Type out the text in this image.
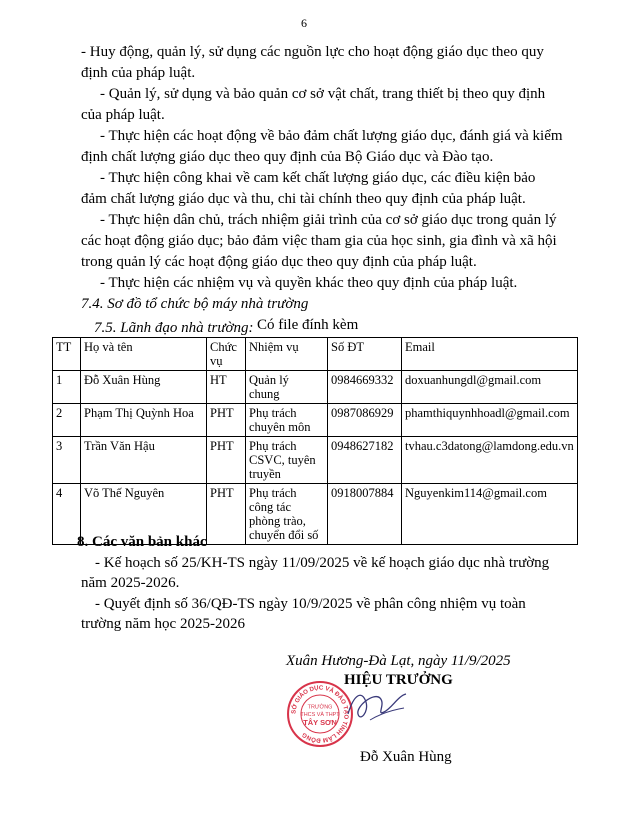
6
- Huy động, quản lý, sử dụng các nguồn lực cho hoạt động giáo dục theo quy
định của pháp luật.
- Quản lý, sử dụng và bảo quản cơ sở vật chất, trang thiết bị theo quy định
của pháp luật.
- Thực hiện các hoạt động về bảo đảm chất lượng giáo dục, đánh giá và kiểm
định chất lượng giáo dục theo quy định của Bộ Giáo dục và Đào tạo.
- Thực hiện công khai về cam kết chất lượng giáo dục, các điều kiện bảo
đảm chất lượng giáo dục và thu, chi tài chính theo quy định của pháp luật.
- Thực hiện dân chủ, trách nhiệm giải trình của cơ sở giáo dục trong quản lý
các hoạt động giáo dục; bảo đảm việc tham gia của học sinh, gia đình và xã hội
trong quản lý các hoạt động giáo dục theo quy định của pháp luật.
- Thực hiện các nhiệm vụ và quyền khác theo quy định của pháp luật.
7.4. Sơ đồ tổ chức bộ máy nhà trường
Có file đính kèm
7.5. Lãnh đạo nhà trường:
TT	Họ và tên	Chức
vụ	Nhiệm vụ	Số ĐT	Email
1	Đỗ Xuân Hùng	HT	Quản lý
chung	0984669332	doxuanhungdl@gmail.com
2	Phạm Thị Quỳnh Hoa	PHT	Phụ trách
chuyên môn	0987086929	phamthiquynhhoadl@gmail.com
3	Trần Văn Hậu	PHT	Phụ trách
CSVC, tuyên
truyền	0948627182	tvhau.c3datong@lamdong.edu.vn
4	Võ Thế Nguyên	PHT	Phụ trách
công tác
phòng trào,
chuyển đổi số	0918007884	Nguyenkim114@gmail.com
8. Các văn bản khác
- Kế hoạch số 25/KH-TS ngày 11/09/2025 về kế hoạch giáo dục nhà trường
năm 2025-2026.
- Quyết định số 36/QĐ-TS ngày 10/9/2025 về phân công nhiệm vụ toàn
trường năm học 2025-2026
Xuân Hương-Đà Lạt, ngày 11/9/2025
HIỆU TRƯỞNG
SỞ GIÁO DỤC VÀ ĐÀO TẠO TỈNH LÂM ĐỒNG
TRƯỜNG
THCS VÀ THPT
TÂY SƠN
Đỗ Xuân Hùng
